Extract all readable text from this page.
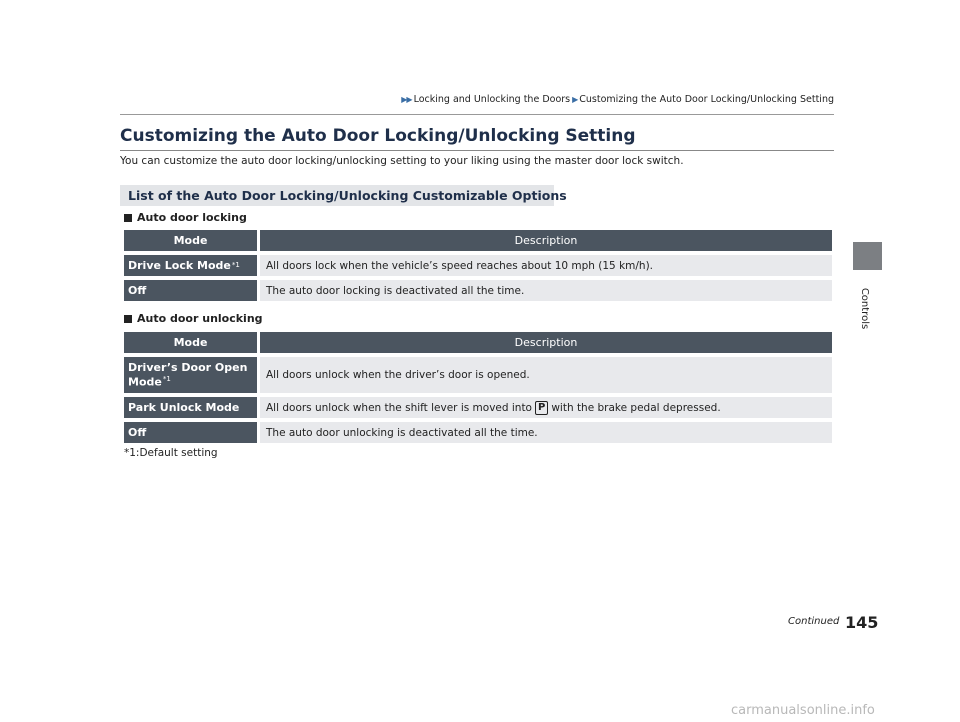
▶▶ Locking and Unlocking the Doors ▶ Customizing the Auto Door Locking/Unlocking Setting
Customizing the Auto Door Locking/Unlocking Setting
You can customize the auto door locking/unlocking setting to your liking using the master door lock switch.
List of the Auto Door Locking/Unlocking Customizable Options
Auto door locking
Mode	Description
Drive Lock Mode *1	All doors lock when the vehicle’s speed reaches about 10 mph (15 km/h).
Off	The auto door locking is deactivated all the time.
Auto door unlocking
Mode	Description
Driver’s Door Open
Mode$^{*1}$	All doors unlock when the driver’s door is opened.
Park Unlock Mode	All doors unlock when the shift lever is moved into P with the brake pedal depressed.
Off	The auto door unlocking is deactivated all the time.
*1:Default setting
Controls
Continued 145
carmanualsonline.info
